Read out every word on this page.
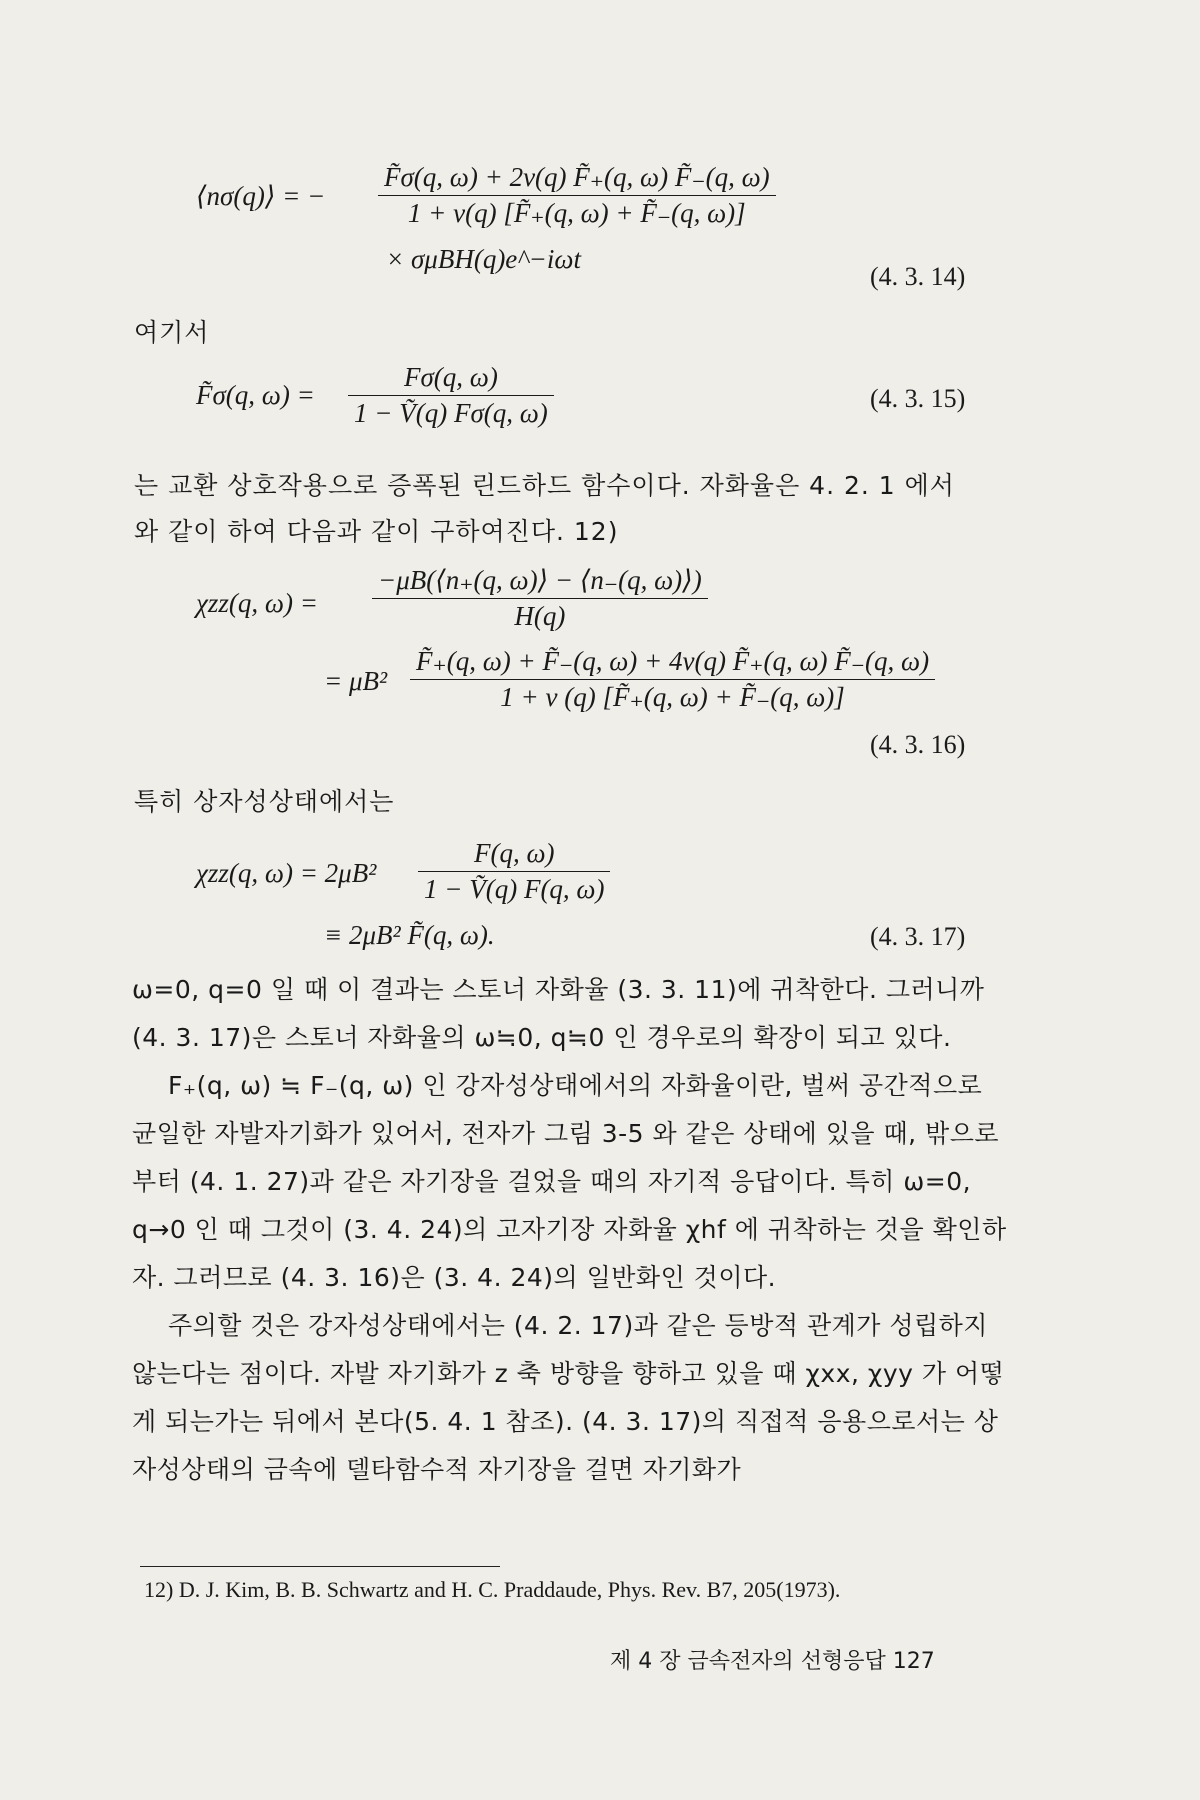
⟨nσ(q)⟩ = − $\frac{F̃\sigma(q, \omega) + 2v(q) F̃_+(q, \omega) F̃_-(q, \omega)}{1 + v(q) [F̃_+(q, \omega) + F̃_-(q, \omega)]}$
× σμBH(q)e^−iωt
(4. 3. 14)
여기서
F̃σ(q, $\omega) = \frac{F\sigma(q, \omega)}{\text{1 − Ṽ(q) Fσ(q, ω)}}$	(4. 3. 15)
는 교환 상호작용으로 증폭된 린드하드 함수이다. 자화율은 4. 2. 1 에서
와 같이 하여 다음과 같이 구하여진다. 12)
χzz(q, $\omega) = \frac{-\mu B(⟨n_+(q, \omega)⟩ - ⟨n_-(q, \omega)⟩)}{H(q)}$
= $\mu B^2 \frac{F̃_+(q, \omega) + F̃_-(q, \omega) + 4v(q) F̃_+(q, \omega) F̃_-(q, \omega)}{1 + v (q) [F̃_+(q, \omega) + F̃_-(q, \omega)]}$
(4. 3. 16)
특히 상자성상태에서는
χzz(q, $\omega) = 2\mu B^2 \frac{F(q, \omega)}{\text{1 − Ṽ(q) F(q, ω)}}$
≡ 2μB² F̃(q, ω).	(4. 3. 17)

ω=0, q=0 일 때 이 결과는 스토너 자화율 (3. 3. 11)에 귀착한다. 그러니까 (4. 3. 17)은 스토너 자화율의 ω≒0, q≒0 인 경우로의 확장이 되고 있다.

F₊(q, ω) ≒ F₋(q, ω) 인 강자성상태에서의 자화율이란, 벌써 공간적으로 균일한 자발자기화가 있어서, 전자가 그림 3-5 와 같은 상태에 있을 때, 밖으로부터 (4. 1. 27)과 같은 자기장을 걸었을 때의 자기적 응답이다. 특히 ω=0, q→0 인 때 그것이 (3. 4. 24)의 고자기장 자화율 χhf 에 귀착하는 것을 확인하자. 그러므로 (4. 3. 16)은 (3. 4. 24)의 일반화인 것이다.

주의할 것은 강자성상태에서는 (4. 2. 17)과 같은 등방적 관계가 성립하지 않는다는 점이다. 자발 자기화가 z 축 방향을 향하고 있을 때 χxx, χyy 가 어떻게 되는가는 뒤에서 본다(5. 4. 1 참조). (4. 3. 17)의 직접적 응용으로서는 상자성상태의 금속에 델타함수적 자기장을 걸면 자기화가

12) D. J. Kim, B. B. Schwartz and H. C. Praddaude, Phys. Rev. B7, 205(1973).
제 4 장 금속전자의 선형응답 127
